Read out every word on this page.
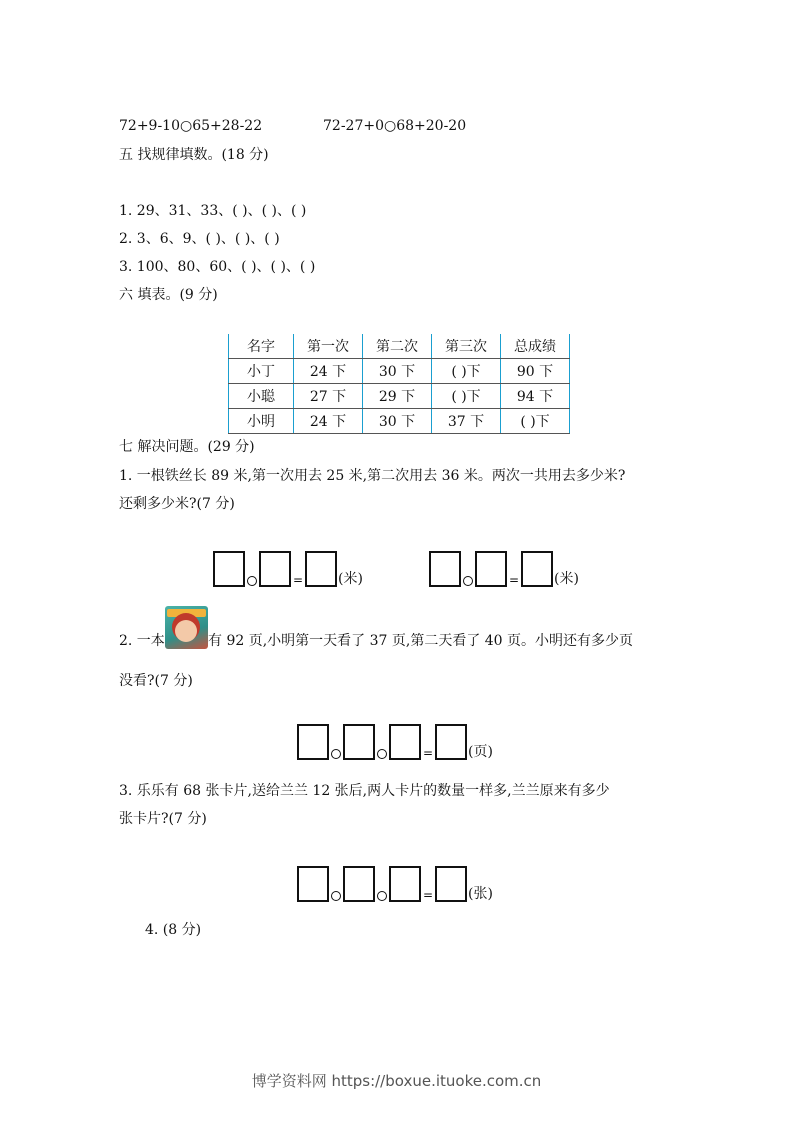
72+9-10○65+28-22	72-27+0○68+20-20
五 找规律填数。(18 分)
1. 29、31、33、( )、( )、( )
2. 3、6、9、( )、( )、( )
3. 100、80、60、( )、( )、( )
六 填表。(9 分)
名字	第一次	第二次	第三次	总成绩
小丁	24 下	30 下	( )下	90 下
小聪	27 下	29 下	( )下	94 下
小明	24 下	30 下	37 下	( )下
七 解决问题。(29 分)
1. 一根铁丝长 89 米,第一次用去 25 米,第二次用去 36 米。两次一共用去多少米?
还剩多少米?(7 分)
= (米)	= (米)
2. 一本	有 92 页,小明第一天看了 37 页,第二天看了 40 页。小明还有多少页
没看?(7 分)
= (页)
3. 乐乐有 68 张卡片,送给兰兰 12 张后,两人卡片的数量一样多,兰兰原来有多少
张卡片?(7 分)
= (张)
4. (8 分)
博学资料网 https://boxue.ituoke.com.cn
